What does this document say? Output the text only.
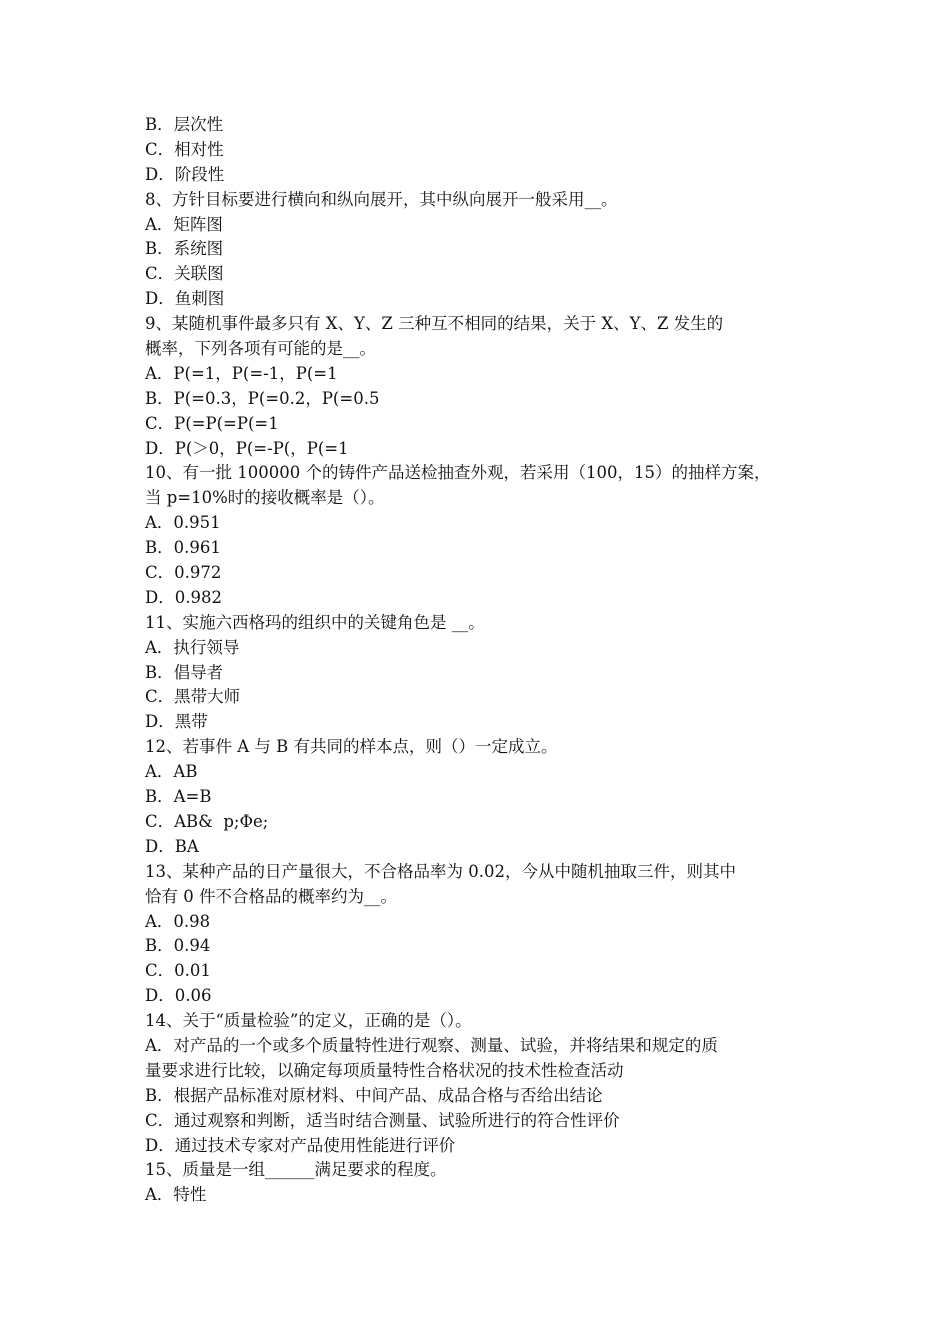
B．层次性
C．相对性
D．阶段性
8、方针目标要进行横向和纵向展开，其中纵向展开一般采用__。
A．矩阵图
B．系统图
C．关联图
D．鱼刺图
9、某随机事件最多只有 X、Y、Z 三种互不相同的结果，关于 X、Y、Z 发生的
概率，下列各项有可能的是__。
A．P(=1，P(=-1，P(=1
B．P(=0.3，P(=0.2，P(=0.5
C．P(=P(=P(=1
D．P(＞0，P(=-P(，P(=1
10、有一批 100000 个的铸件产品送检抽查外观，若采用（100，15）的抽样方案，
当 p=10%时的接收概率是（）。
A．0.951
B．0.961
C．0.972
D．0.982
11、实施六西格玛的组织中的关键角色是 __。
A．执行领导
B．倡导者
C．黑带大师
D．黑带
12、若事件 A 与 B 有共同的样本点，则（）一定成立。
A．AB
B．A=B
C．AB&  p;Φe;
D．BA
13、某种产品的日产量很大，不合格品率为 0.02，今从中随机抽取三件，则其中
恰有 0 件不合格品的概率约为__。
A．0.98
B．0.94
C．0.01
D．0.06
14、关于“质量检验”的定义，正确的是（）。
A．对产品的一个或多个质量特性进行观察、测量、试验，并将结果和规定的质
量要求进行比较，以确定每项质量特性合格状况的技术性检查活动
B．根据产品标准对原材料、中间产品、成品合格与否给出结论
C．通过观察和判断，适当时结合测量、试验所进行的符合性评价
D．通过技术专家对产品使用性能进行评价
15、质量是一组______满足要求的程度。
A．特性
